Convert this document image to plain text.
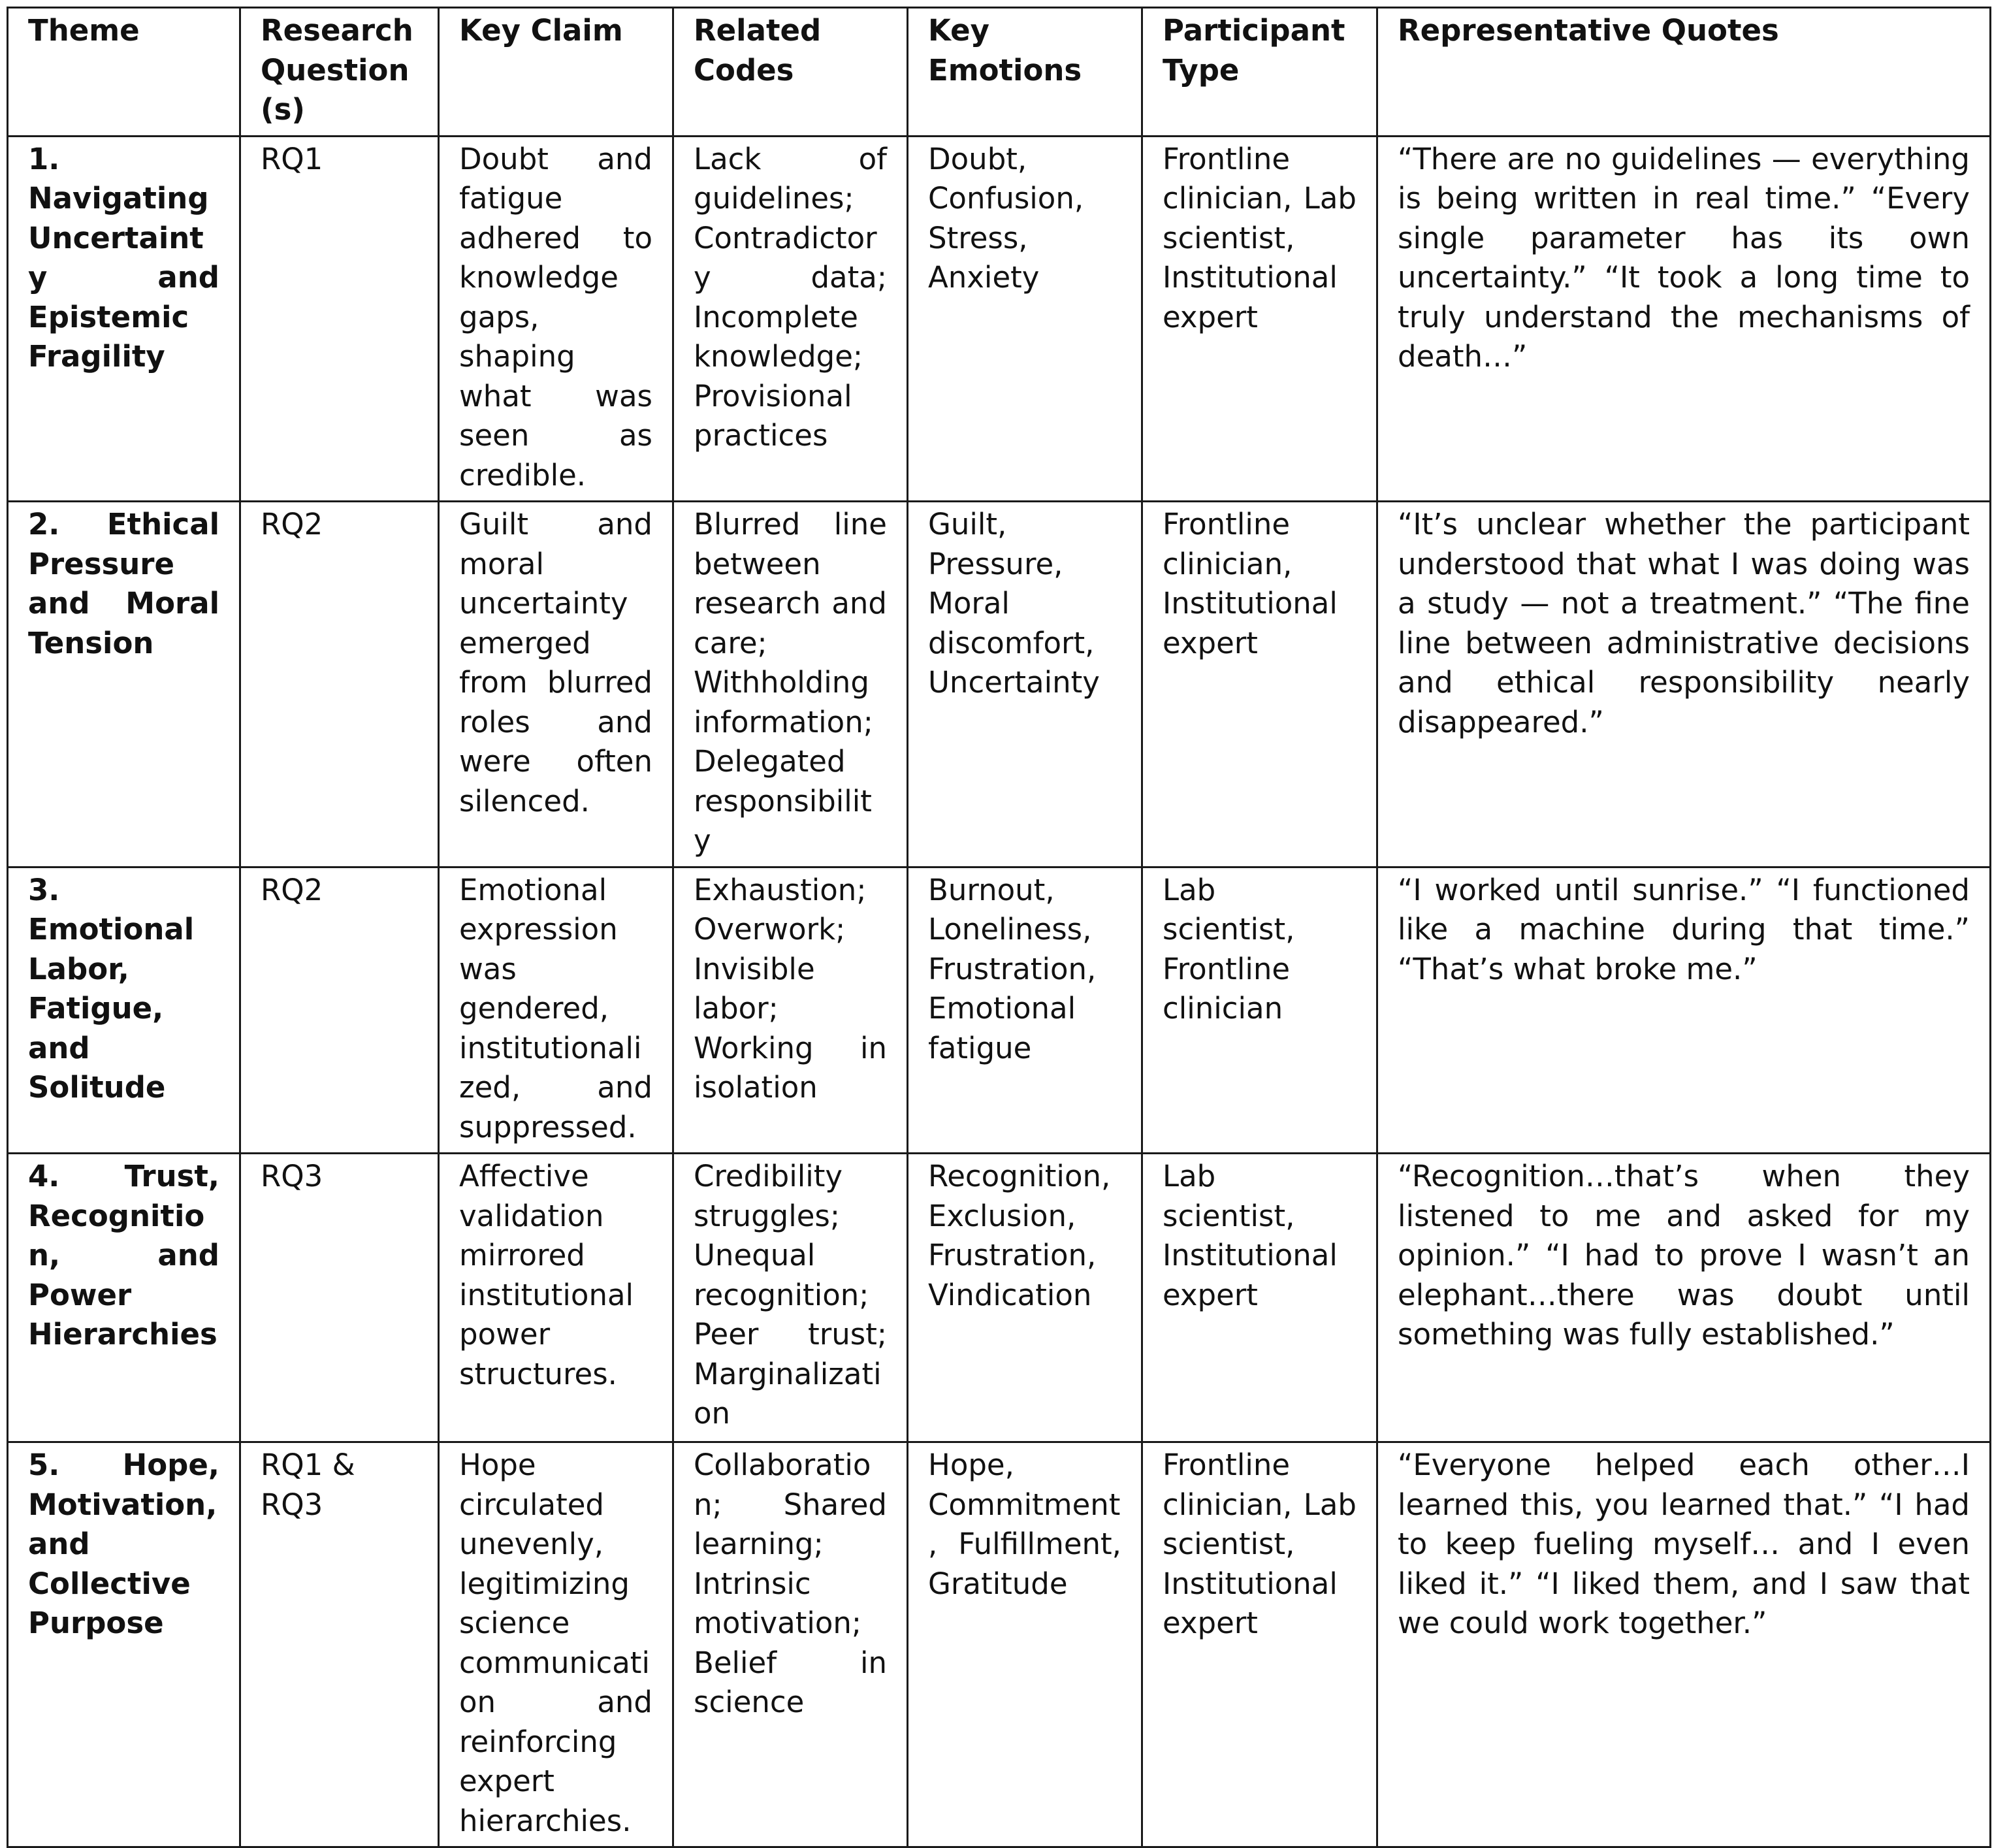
Theme	Research Question(s)	Key Claim	Related Codes	Key Emotions	Participant Type	Representative Quotes
1. Navigating Uncertainty and Epistemic Fragility	RQ1	Doubt and fatigue adhered to knowledge gaps, shaping what was seen as credible.	Lack of guidelines; Contradictory data; Incomplete knowledge; Provisional practices	Doubt, Confusion, Stress, Anxiety	Frontline clinician, Lab scientist, Institutional expert	“There are no guidelines — everything is being written in real time.” “Every single parameter has its own uncertainty.” “It took a long time to truly understand the mechanisms of death…”
2. Ethical Pressure and Moral Tension	RQ2	Guilt and moral uncertainty emerged from blurred roles and were often silenced.	Blurred line between research and care; Withholding information; Delegated responsibility	Guilt, Pressure, Moral discomfort, Uncertainty	Frontline clinician, Institutional expert	“It’s unclear whether the participant understood that what I was doing was a study — not a treatment.” “The fine line between administrative decisions and ethical responsibility nearly disappeared.”
3. Emotional Labor, Fatigue, and Solitude	RQ2	Emotional expression was gendered, institutionalized, and suppressed.	Exhaustion; Overwork; Invisible labor; Working in isolation	Burnout, Loneliness, Frustration, Emotional fatigue	Lab scientist, Frontline clinician	“I worked until sunrise.” “I functioned like a machine during that time.” “That’s what broke me.”
4. Trust, Recognition, and Power Hierarchies	RQ3	Affective validation mirrored institutional power structures.	Credibility struggles; Unequal recognition; Peer trust; Marginalization	Recognition, Exclusion, Frustration, Vindication	Lab scientist, Institutional expert	“Recognition…that’s when they listened to me and asked for my opinion.” “I had to prove I wasn’t an elephant…there was doubt until something was fully established.”
5. Hope, Motivation, and Collective Purpose	RQ1 & RQ3	Hope circulated unevenly, legitimizing science communication and reinforcing expert hierarchies.	Collaboration; Shared learning; Intrinsic motivation; Belief in science	Hope, Commitment, Fulfillment, Gratitude	Frontline clinician, Lab scientist, Institutional expert	“Everyone helped each other…I learned this, you learned that.” “I had to keep fueling myself… and I even liked it.” “I liked them, and I saw that we could work together.”
